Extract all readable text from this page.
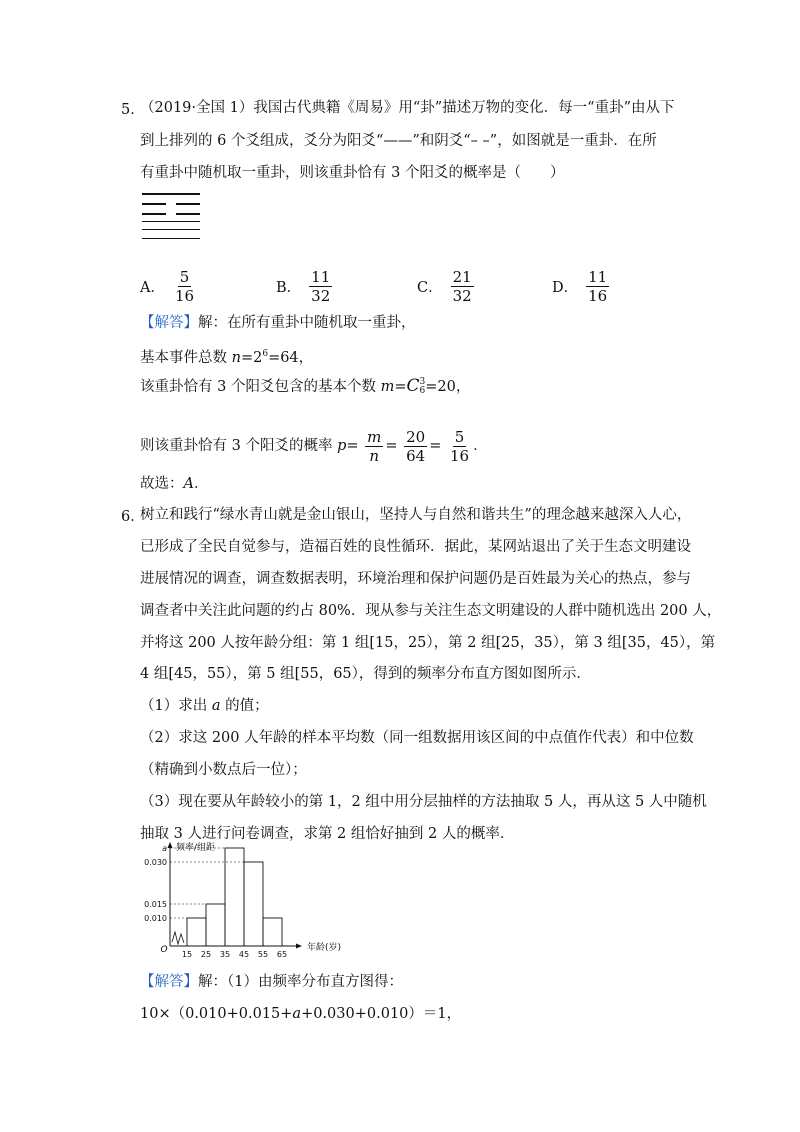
5．
（2019·全国 1）我国古代典籍《周易》用“卦”描述万物的变化．每一“重卦”由从下
到上排列的 6 个爻组成，爻分为阳爻“——”和阴爻“– –”，如图就是一重卦．在所
有重卦中随机取一重卦，则该重卦恰有 3 个阳爻的概率是（　　）
A． $\frac{5}{16}$	B． $\frac{11}{32}$	C． $\frac{21}{32}$	D． $\frac{11}{16}$
【解答】解：在所有重卦中随机取一重卦，
基本事件总数 $n=2^6=64$，
该重卦恰有 3 个阳爻包含的基本个数 m=C 3
6 =20，
则该重卦恰有 3 个阳爻的概率 $p= \frac{m}{n} = \frac{20}{64} = \frac{5}{16}$ ．
故选：A．
6．
树立和践行“绿水青山就是金山银山，坚持人与自然和谐共生”的理念越来越深入人心，
已形成了全民自觉参与，造福百姓的良性循环．据此，某网站退出了关于生态文明建设
进展情况的调查，调查数据表明，环境治理和保护问题仍是百姓最为关心的热点，参与
调查者中关注此问题的约占 80%．现从参与关注生态文明建设的人群中随机选出 200 人，
并将这 200 人按年龄分组：第 1 组[15，25），第 2 组[25，35），第 3 组[35，45），第
4 组[45，55），第 5 组[55，65），得到的频率分布直方图如图所示．
（1）求出 a 的值；
（2）求这 200 人年龄的样本平均数（同一组数据用该区间的中点值作代表）和中位数
（精确到小数点后一位）；
（3）现在要从年龄较小的第 1，2 组中用分层抽样的方法抽取 5 人，再从这 5 人中随机
抽取 3 人进行问卷调查，求第 2 组恰好抽到 2 人的概率．
频率/组距
年龄(岁)
O
0.010
0.015
0.030
a
15 25 35 45 55 65
【解答】解：（1）由频率分布直方图得：
10×（0.010+0.015+a+0.030+0.010）＝1，
